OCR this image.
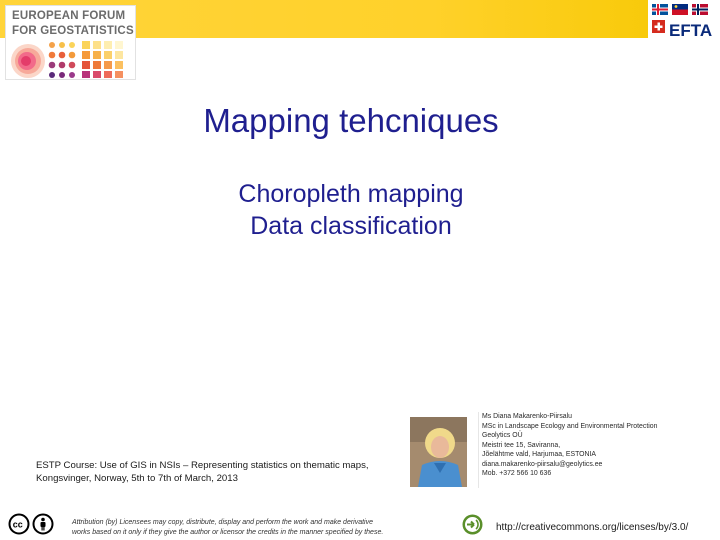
EUROPEAN FORUM
FOR GEOSTATISTICS	EFTA
Mapping tehcniques
Choropleth mapping
Data classification
ESTP Course: Use of GIS in NSIs – Representing statistics on thematic maps,
Kongsvinger, Norway, 5th to 7th of March, 2013
Ms Diana Makarenko-Piirsalu
MSc in Landscape Ecology and Environmental Protection
Geolytics OÜ
Meistri tee 15, Saviranna,
Jõelähtme vald, Harjumaa, ESTONIA
diana.makarenko-piirsalu@geolytics.ee
Mob. +372 566 10 636
cc	Attribution (by) Licensees may copy, distribute, display and perform the work and make derivative
works based on it only if they give the author or licensor the credits in the manner specified by these.	http://creativecommons.org/licenses/by/3.0/
